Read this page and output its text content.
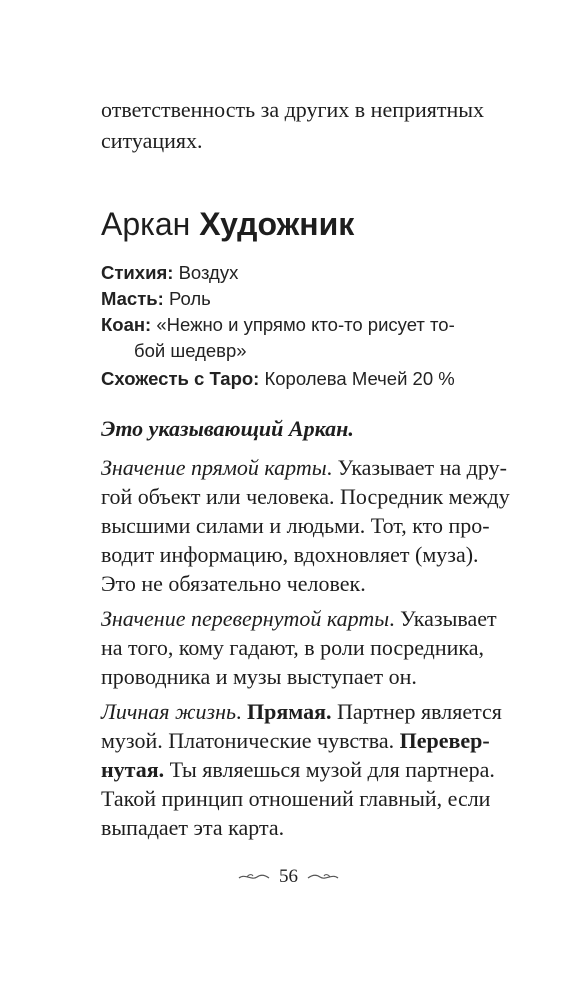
ответственность за других в неприятных
ситуациях.
Аркан Художник
Стихия: Воздух
Масть: Роль
Коан: «Нежно и упрямо кто-то рисует то-
бой шедевр»
Схожесть с Таро: Королева Мечей 20 %
Это указывающий Аркан.
Значение прямой карты. Указывает на дру-
гой объект или человека. Посредник между
высшими силами и людьми. Тот, кто про-
водит информацию, вдохновляет (муза).
Это не обязательно человек.
Значение перевернутой карты. Указывает
на того, кому гадают, в роли посредника,
проводника и музы выступает он.
Личная жизнь. Прямая. Партнер является
музой. Платонические чувства. Перевер-
нутая. Ты являешься музой для партнера.
Такой принцип отношений главный, если
выпадает эта карта.
56
